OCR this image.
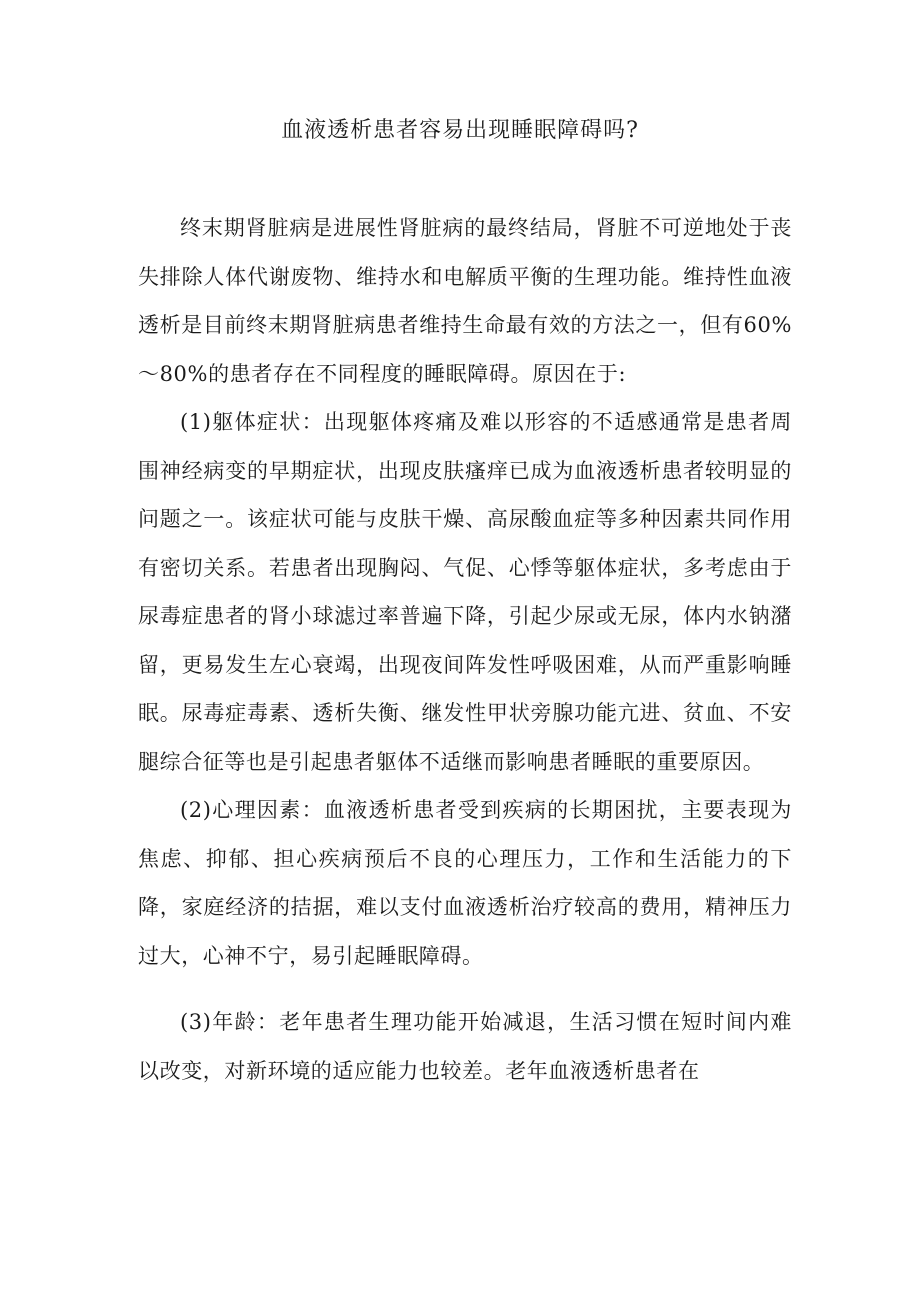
血液透析患者容易出现睡眠障碍吗?

终末期肾脏病是进展性肾脏病的最终结局，肾脏不可逆地处于丧失排除人体代谢废物、维持水和电解质平衡的生理功能。维持性血液透析是目前终末期肾脏病患者维持生命最有效的方法之一，但有60%～80%的患者存在不同程度的睡眠障碍。原因在于:

(1)躯体症状：出现躯体疼痛及难以形容的不适感通常是患者周围神经病变的早期症状，出现皮肤瘙痒已成为血液透析患者较明显的问题之一。该症状可能与皮肤干燥、高尿酸血症等多种因素共同作用有密切关系。若患者出现胸闷、气促、心悸等躯体症状，多考虑由于尿毒症患者的肾小球滤过率普遍下降，引起少尿或无尿，体内水钠潴留，更易发生左心衰竭，出现夜间阵发性呼吸困难，从而严重影响睡眠。尿毒症毒素、透析失衡、继发性甲状旁腺功能亢进、贫血、不安腿综合征等也是引起患者躯体不适继而影响患者睡眠的重要原因。

(2)心理因素：血液透析患者受到疾病的长期困扰，主要表现为焦虑、抑郁、担心疾病预后不良的心理压力，工作和生活能力的下降，家庭经济的拮据，难以支付血液透析治疗较高的费用，精神压力过大，心神不宁，易引起睡眠障碍。

(3)年龄：老年患者生理功能开始减退，生活习惯在短时间内难以改变，对新环境的适应能力也较差。老年血液透析患者在
